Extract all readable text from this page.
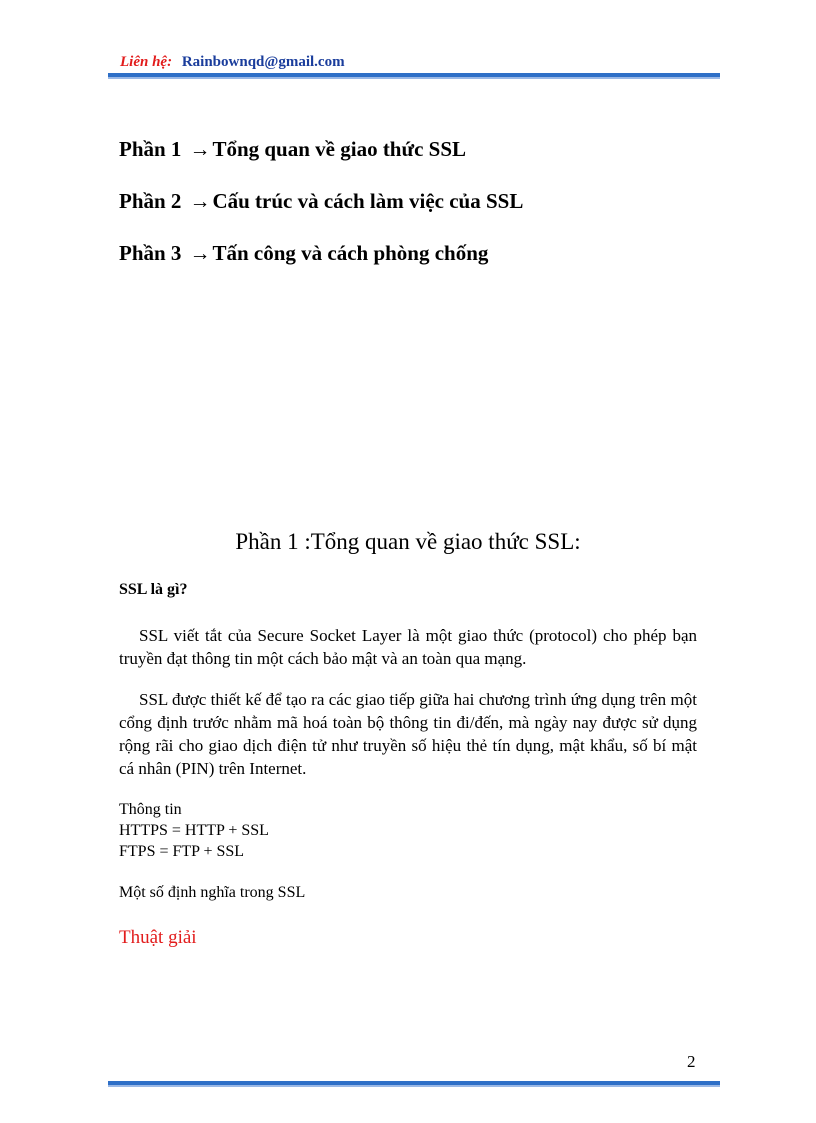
Liên hệ: Rainbownqd@gmail.com
Phần 1 →Tổng quan về giao thức SSL
Phần 2 →Cấu trúc và cách làm việc của SSL
Phần 3 →Tấn công và cách phòng chống
Phần 1 :Tổng quan về giao thức SSL:
SSL là gì?

SSL viết tắt của Secure Socket Layer là một giao thức (protocol) cho phép bạn truyền đạt thông tin một cách bảo mật và an toàn qua mạng.

SSL được thiết kế để tạo ra các giao tiếp giữa hai chương trình ứng dụng trên một cổng định trước nhằm mã hoá toàn bộ thông tin đi/đến, mà ngày nay được sử dụng rộng rãi cho giao dịch điện tử như truyền số hiệu thẻ tín dụng, mật khẩu, số bí mật cá nhân (PIN) trên Internet.

Thông tin
HTTPS = HTTP + SSL
FTPS = FTP + SSL
Một số định nghĩa trong SSL
Thuật giải
2
